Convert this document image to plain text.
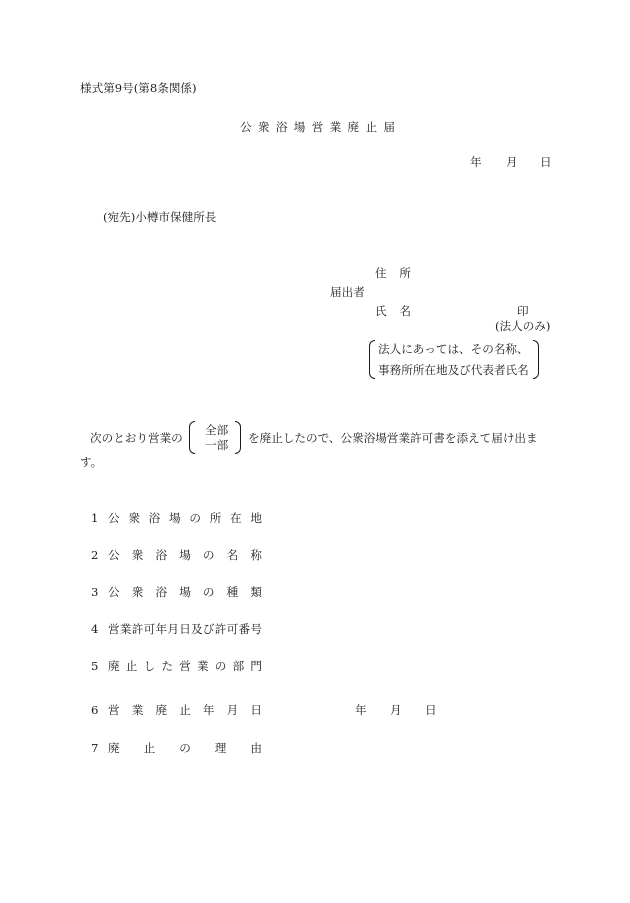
様式第9号(第8条関係)
公衆浴場営業廃止届
年 月 日
(宛先)小樽市保健所長
住所
届出者
氏名	印
(法人のみ)
法人にあっては、その名称、
事務所所在地及び代表者氏名
次のとおり営業の
全部
一部 を廃止したので、公衆浴場営業許可書を添えて届け出ま
す。
1 公衆浴場の所在地
2 公衆浴場の名称
3 公衆浴場の種類
4 営業許可年月日及び許可番号
5 廃止した営業の部門
6 営業廃止年月日	年 月 日
7 廃止の理由
